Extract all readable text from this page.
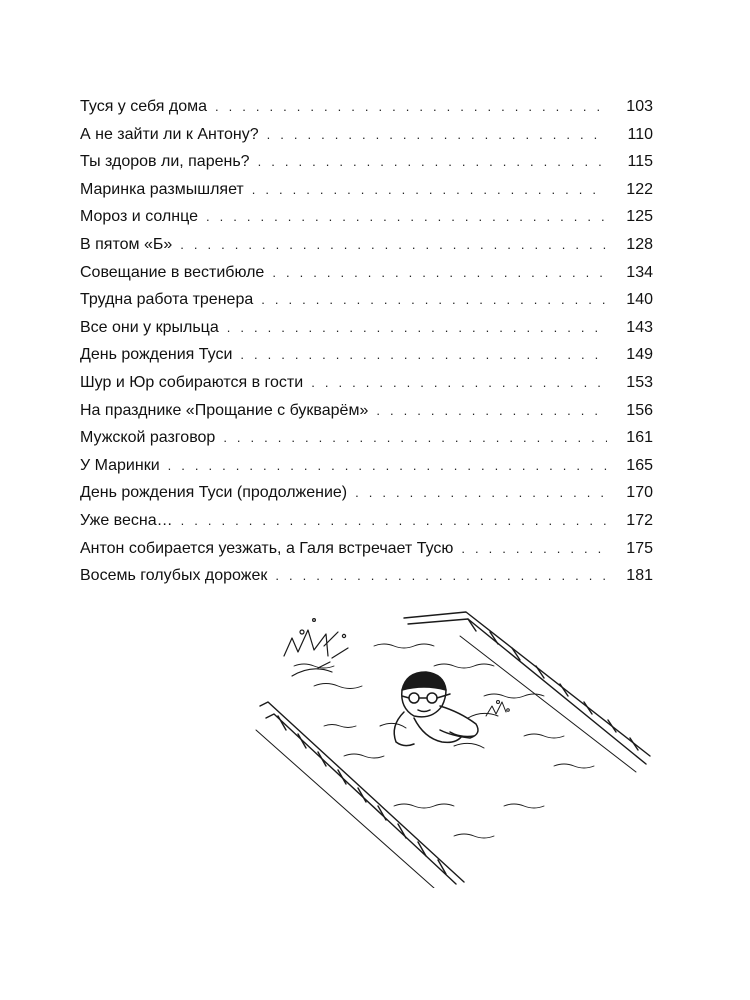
Туся у себя дома . . .	103
А не зайти ли к Антону? . . .	110
Ты здоров ли, парень? . . .	115
Маринка размышляет . . .	122
Мороз и солнце . . .	125
В пятом «Б» . . .	128
Совещание в вестибюле . . .	134
Трудна работа тренера . . .	140
Все они у крыльца . . .	143
День рождения Туси . . .	149
Шур и Юр собираются в гости . . .	153
На празднике «Прощание с букварём» . . .	156
Мужской разговор . . .	161
У Маринки . . .	165
День рождения Туси (продолжение) . . .	170
Уже весна… . . .	172
Антон собирается уезжать, а Галя встречает Тусю . . .	175
Восемь голубых дорожек . . .	181
